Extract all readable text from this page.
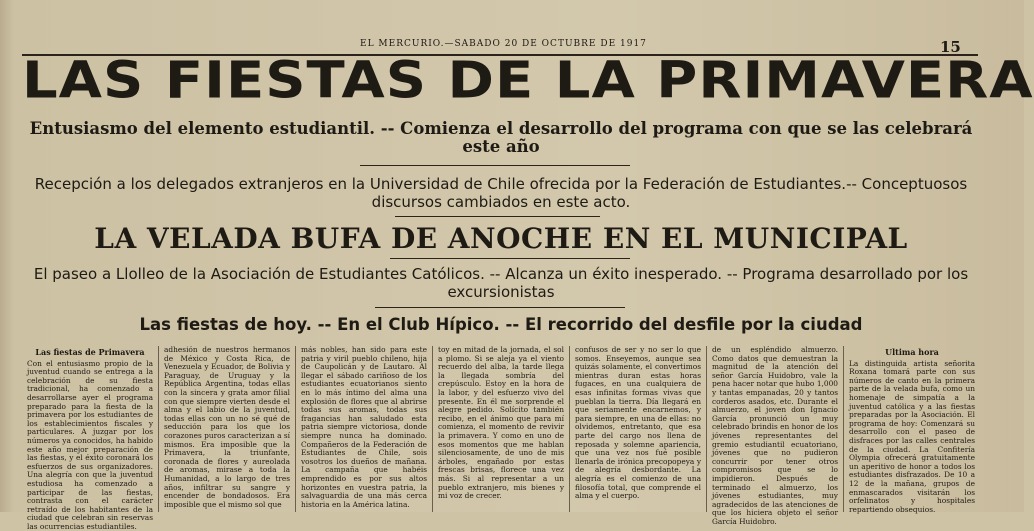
EL MERCURIO.—SABADO 20 DE OCTUBRE DE 1917	15
LAS FIESTAS DE LA PRIMAVERA
Entusiasmo del elemento estudiantil. -- Comienza el desarrollo del programa con que se las celebrará este año
Recepción a los delegados extranjeros en la Universidad de Chile ofrecida por la Federación de Estudiantes.-- Conceptuosos discursos cambiados en este acto.
LA VELADA BUFA DE ANOCHE EN EL MUNICIPAL
El paseo a Llolleo de la Asociación de Estudiantes Católicos. -- Alcanza un éxito inesperado. -- Programa desarrollado por los excursionistas
Las fiestas de hoy. -- En el Club Hípico. -- El recorrido del desfile por la ciudad
Las fiestas de Primavera

Con el entusiasmo propio de la juventud cuando se entrega a la celebración de su fiesta tradicional, ha comenzado a desarrollarse ayer el programa preparado para la fiesta de la primavera por los estudiantes de los establecimientos fiscales y particulares. A juzgar por los números ya conocidos, ha habido este año mejor preparación de las fiestas, y el éxito coronará los esfuerzos de sus organizadores. Una alegría con que la juventud estudiosa ha comenzado a participar de las fiestas, contrasta con el carácter retraído de los habitantes de la ciudad que celebran sin reservas las ocurrencias estudiantiles.

adhesión de nuestros hermanos de México y Costa Rica, de Venezuela y Ecuador, de Bolivia y Paraguay, de Uruguay y la República Argentina, todas ellas con la sincera y grata amor filial con que siempre vierten desde el alma y el labio de la juventud, todas ellas con un no sé qué de seducción para los que los corazones puros caracterizan a sí mismos. Era imposible que la Primavera, la triunfante, coronada de flores y aureolada de aromas, mirase a toda la Humanidad, a lo largo de tres años, infiltrar su sangre y encender de bondadosos. Era imposible que el mismo sol que

más nobles, han sido para este patria y viril pueblo chileno, hija de Caupolicán y de Lautaro. Al llegar el sábado cariñoso de los estudiantes ecuatorianos siento en lo más íntimo del alma una explosión de flores que al abrirse todas sus aromas, todas sus fragancias han saludado esta patria siempre victoriosa, donde siempre nunca ha dominado. Compañeros de la Federación de Estudiantes de Chile, sois vosotros los dueños de mañana. La campaña que habéis emprendido es por sus altos horizontes en vuestra patria, la salvaguardia de una más cerca historia en la América latina.

toy en mitad de la jornada, el sol a plomo. Si se aleja ya el viento recuerdo del alba, la tarde llega la llegada sombría del crepúsculo. Estoy en la hora de la labor, y del esfuerzo vivo del presente. En él me sorprende el alegre pedido. Solícito también recibo, en el ánimo que para mí comienza, el momento de revivir la primavera. Y como en uno de esos momentos que me hablan silenciosamente, de uno de mis árboles, engañado por estas frescas brisas, florece una vez más. Si al representar a un pueblo extranjero, mis bienes y mi voz de crecer.

confusos de ser y no ser lo que somos. Enseyemos, aunque sea quizás solamente, el convertimos mientras duran estas horas fugaces, en una cualquiera de esas infinitas formas vivas que pueblan la tierra. Día llegará en que seriamente encarnemos, y para siempre, en una de ellas: no olvidemos, entretanto, que esa parte del cargo nos llena de reposada y solemne apariencia, que una vez nos fué posible llenarla de irónica precopopeya y de alegría desbordante. La alegría es el comienzo de una filosofía total, que comprende el alma y el cuerpo.

de un espléndido almuerzo. Como datos que demuestran la magnitud de la atención del señor García Huidobro, vale la pena hacer notar que hubo 1,000 y tantas empanadas, 20 y tantos corderos asados, etc. Durante el almuerzo, el joven don Ignacio García pronunció un muy celebrado brindis en honor de los jóvenes representantes del gremio estudiantil ecuatoriano, jóvenes que no pudieron concurrir por tener otros compromisos que se lo impidieron. Después de terminado el almuerzo, los jóvenes estudiantes, muy agradecidos de las atenciones de que los hiciera objeto el señor García Huidobro.

Ultima hora

La distinguida artista señorita Roxana tomará parte con sus números de canto en la primera parte de la velada bufa, como un homenaje de simpatía a la juventud católica y a las fiestas preparadas por la Asociación. El programa de hoy: Comenzará su desarrollo con el paseo de disfraces por las calles centrales de la ciudad. La Confitería Olympia ofrecerá gratuitamente un aperitivo de honor a todos los estudiantes disfrazados. De 10 a 12 de la mañana, grupos de enmascarados visitarán los orfelinatos y hospitales repartiendo obsequios.
